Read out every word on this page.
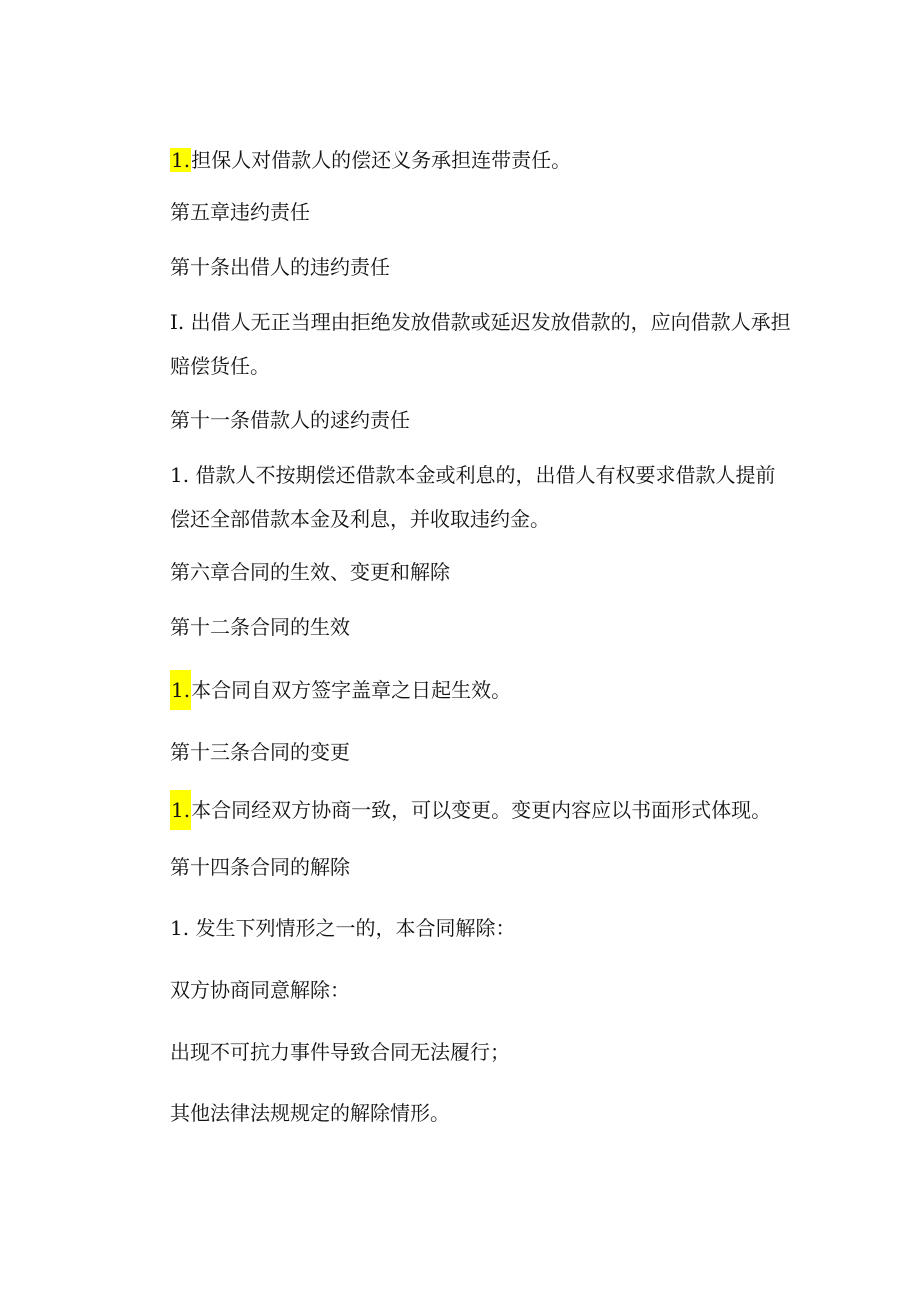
1.担保人对借款人的偿还义务承担连带责任。

第五章违约责任

第十条出借人的违约责任

I. 出借人无正当理由拒绝发放借款或延迟发放借款的，应向借款人承担赔偿货任。

第十一条借款人的逑约责任

1. 借款人不按期偿还借款本金或利息的，出借人有权要求借款人提前偿还全部借款本金及利息，并收取违约金。

第六章合同的生效、变更和解除

第十二条合同的生效

1.本合同自双方签字盖章之日起生效。

第十三条合同的变更

1.本合同经双方协商一致，可以变更。变更内容应以书面形式体现。

第十四条合同的解除

1. 发生下列情形之一的，本合同解除：

双方协商同意解除：

出现不可抗力事件导致合同无法履行；

其他法律法规规定的解除情形。
